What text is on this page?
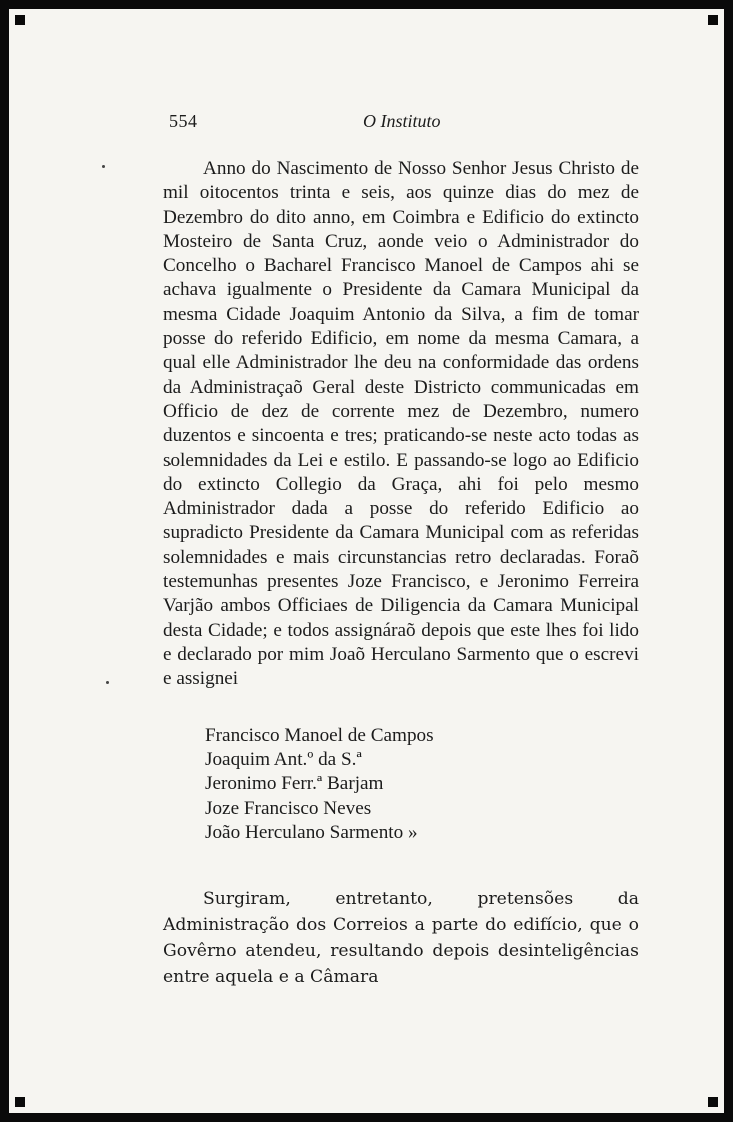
554	O Instituto

Anno do Nascimento de Nosso Senhor Jesus Christo de mil oitocentos trinta e seis, aos quinze dias do mez de Dezembro do dito anno, em Coimbra e Edificio do extincto Mosteiro de Santa Cruz, aonde veio o Administrador do Concelho o Bacharel Francisco Manoel de Campos ahi se achava igualmente o Presidente da Camara Municipal da mesma Cidade Joaquim Antonio da Silva, a fim de tomar posse do referido Edificio, em nome da mesma Camara, a qual elle Administrador lhe deu na conformidade das ordens da Administraçaõ Geral deste Districto communicadas em Officio de dez de corrente mez de Dezembro, numero duzentos e sincoenta e tres; praticando-se neste acto todas as solemnidades da Lei e estilo. E passando-se logo ao Edificio do extincto Collegio da Graça, ahi foi pelo mesmo Administrador dada a posse do referido Edificio ao supradicto Presidente da Camara Municipal com as referidas solemnidades e mais circunstancias retro declaradas. Foraõ testemunhas presentes Joze Francisco, e Jeronimo Ferreira Varjão ambos Officiaes de Diligencia da Camara Municipal desta Cidade; e todos assignáraõ depois que este lhes foi lido e declarado por mim Joaõ Herculano Sarmento que o escrevi e assignei

Francisco Manoel de Campos
Joaquim Ant.º da S.ª
Jeronimo Ferr.ª Barjam
Joze Francisco Neves
João Herculano Sarmento »

Surgiram, entretanto, pretensões da Administração dos Correios a parte do edifício, que o Govêrno atendeu, resultando depois desinteligências entre aquela e a Câmara
